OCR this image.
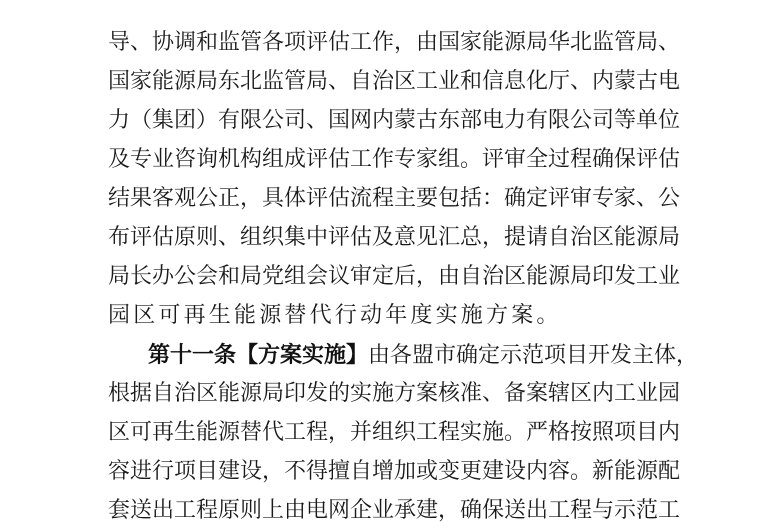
导、协调和监管各项评估工作，由国家能源局华北监管局、
国家能源局东北监管局、自治区工业和信息化厅、内蒙古电
力（集团）有限公司、国网内蒙古东部电力有限公司等单位
及专业咨询机构组成评估工作专家组。评审全过程确保评估
结果客观公正，具体评估流程主要包括：确定评审专家、公
布评估原则、组织集中评估及意见汇总，提请自治区能源局
局长办公会和局党组会议审定后，由自治区能源局印发工业
园区可再生能源替代行动年度实施方案。
第十一条【方案实施】由各盟市确定示范项目开发主体，
根据自治区能源局印发的实施方案核准、备案辖区内工业园
区可再生能源替代工程，并组织工程实施。严格按照项目内
容进行项目建设，不得擅自增加或变更建设内容。新能源配
套送出工程原则上由电网企业承建，确保送出工程与示范工
